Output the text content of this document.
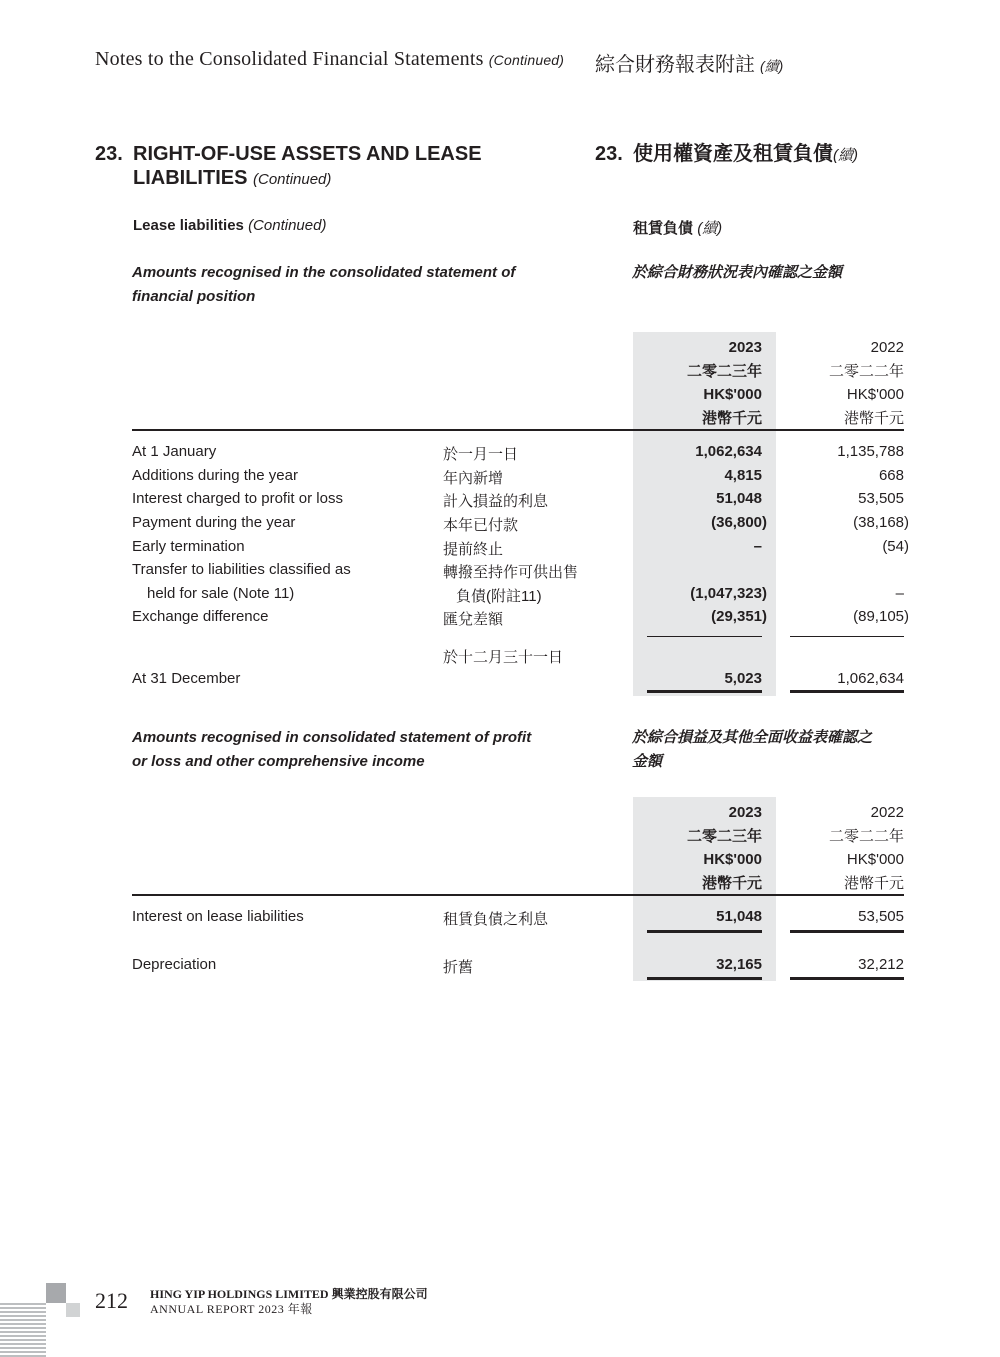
Notes to the Consolidated Financial Statements (Continued) 綜合財務報表附註 (續)
23. RIGHT-OF-USE ASSETS AND LEASE
LIABILITIES (Continued)
23. 使用權資產及租賃負債(續)
Lease liabilities (Continued)	租賃負債 (續)
Amounts recognised in the consolidated statement of
financial position
於綜合財務狀況表內確認之金額
2023
二零二三年
HK$'000
港幣千元
2022
二零二二年
HK$'000
港幣千元
At 1 January	於一月一日	1,062,634	1,135,788
Additions during the year	年內新增	4,815	668
Interest charged to profit or loss	計入損益的利息	51,048	53,505
Payment during the year	本年已付款	(36,800)	(38,168)
Early termination	提前終止	–	(54)
Transfer to liabilities classified as	轉撥至持作可供出售
held for sale (Note 11)	負債(附註11)	(1,047,323)	–
Exchange difference	匯兌差額	(29,351)	(89,105)
於十二月三十一日
At 31 December	5,023	1,062,634
Amounts recognised in consolidated statement of profit
or loss and other comprehensive income
於綜合損益及其他全面收益表確認之
金額
2023
二零二三年
HK$'000
港幣千元
2022
二零二二年
HK$'000
港幣千元
Interest on lease liabilities	租賃負債之利息	51,048	53,505
Depreciation	折舊	32,165	32,212
212 HING YIP HOLDINGS LIMITED 興業控股有限公司
ANNUAL REPORT 2023 年報
